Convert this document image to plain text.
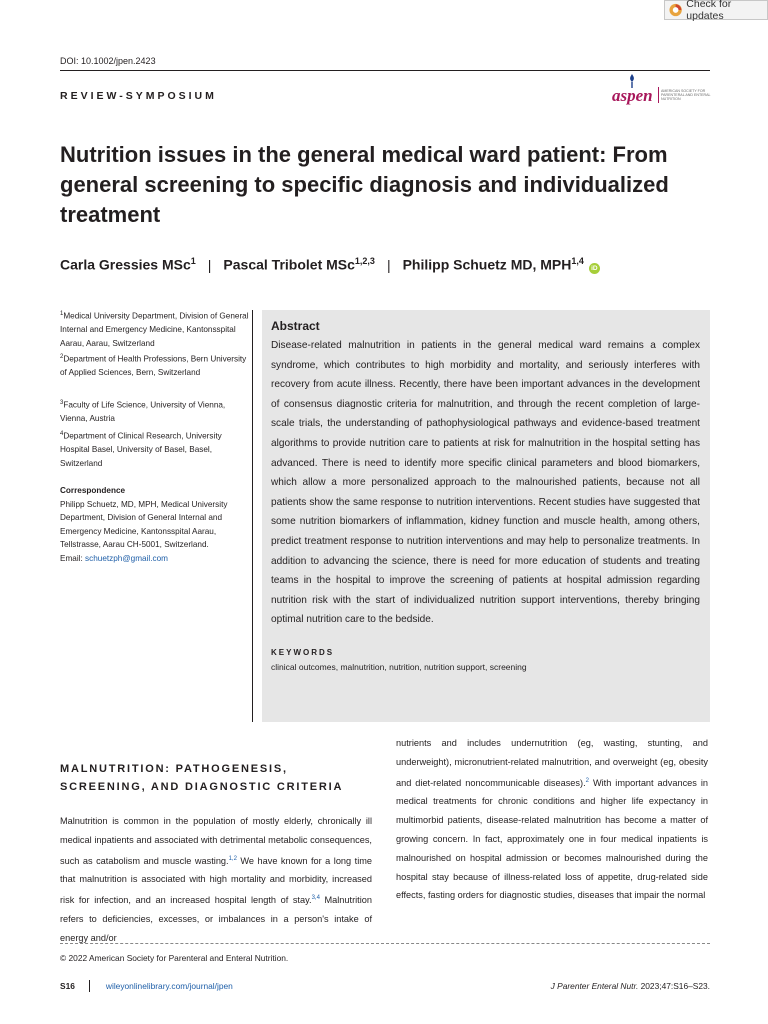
Check for updates
DOI: 10.1002/jpen.2423
REVIEW-SYMPOSIUM	aspen AMERICAN SOCIETY FOR PARENTERAL AND ENTERAL NUTRITION
Nutrition issues in the general medical ward patient: From general screening to specific diagnosis and individualized treatment
Carla Gressies MSc$^1$ | Pascal Tribolet MSc$^{1,2,3}$ | Philipp Schuetz MD, MPH$^{1,4}$
iD
$^1$Medical University Department, Division of General Internal and Emergency Medicine, Kantonsspital Aarau, Aarau, Switzerland
$^2$Department of Health Professions, Bern University of Applied Sciences, Bern, Switzerland
$^3$Faculty of Life Science, University of Vienna, Vienna, Austria
$^4$Department of Clinical Research, University Hospital Basel, University of Basel, Basel, Switzerland
Correspondence
Philipp Schuetz, MD, MPH, Medical University Department, Division of General Internal and Emergency Medicine, Kantonsspital Aarau, Tellstrasse, Aarau CH-5001, Switzerland.
Email: schuetzph@gmail.com
Abstract
Disease-related malnutrition in patients in the general medical ward remains a complex syndrome, which contributes to high morbidity and mortality, and seriously interferes with recovery from acute illness. Recently, there have been important advances in the development of consensus diagnostic criteria for malnutrition, and through the recent completion of large-scale trials, the understanding of pathophysiological pathways and evidence-based treatment algorithms to provide nutrition care to patients at risk for malnutrition in the hospital setting has advanced. There is need to identify more specific clinical parameters and blood biomarkers, which allow a more personalized approach to the malnourished patients, because not all patients show the same response to nutrition interventions. Recent studies have suggested that some nutrition biomarkers of inflammation, kidney function and muscle health, among others, predict treatment response to nutrition interventions and may help to personalize treatments. In addition to advancing the science, there is need for more education of students and treating teams in the hospital to improve the screening of patients at hospital admission regarding nutrition risk with the start of individualized nutrition support interventions, thereby bringing optimal nutrition care to the bedside.
KEYWORDS
clinical outcomes, malnutrition, nutrition, nutrition support, screening
MALNUTRITION: PATHOGENESIS, SCREENING, AND DIAGNOSTIC CRITERIA

Malnutrition is common in the population of mostly elderly, chronically ill medical inpatients and associated with detrimental metabolic consequences, such as catabolism and muscle wasting.$^{1,2}$ We have known for a long time that malnutrition is associated with high mortality and morbidity, increased risk for infection, and an increased hospital length of stay.$^{3,4}$ Malnutrition refers to deficiencies, excesses, or imbalances in a person's intake of energy and/or

nutrients and includes undernutrition (eg, wasting, stunting, and underweight), micronutrient-related malnutrition, and overweight (eg, obesity and diet-related noncommunicable diseases).$^2$ With important advances in medical treatments for chronic conditions and higher life expectancy in multimorbid patients, disease-related malnutrition has become a matter of growing concern. In fact, approximately one in four medical inpatients is malnourished on hospital admission or becomes malnourished during the hospital stay because of illness-related loss of appetite, drug-related side effects, fasting orders for diagnostic studies, diseases that impair the normal

© 2022 American Society for Parenteral and Enteral Nutrition.
S16	wileyonlinelibrary.com/journal/jpen	J Parenter Enteral Nutr. 2023;47:S16–S23.
